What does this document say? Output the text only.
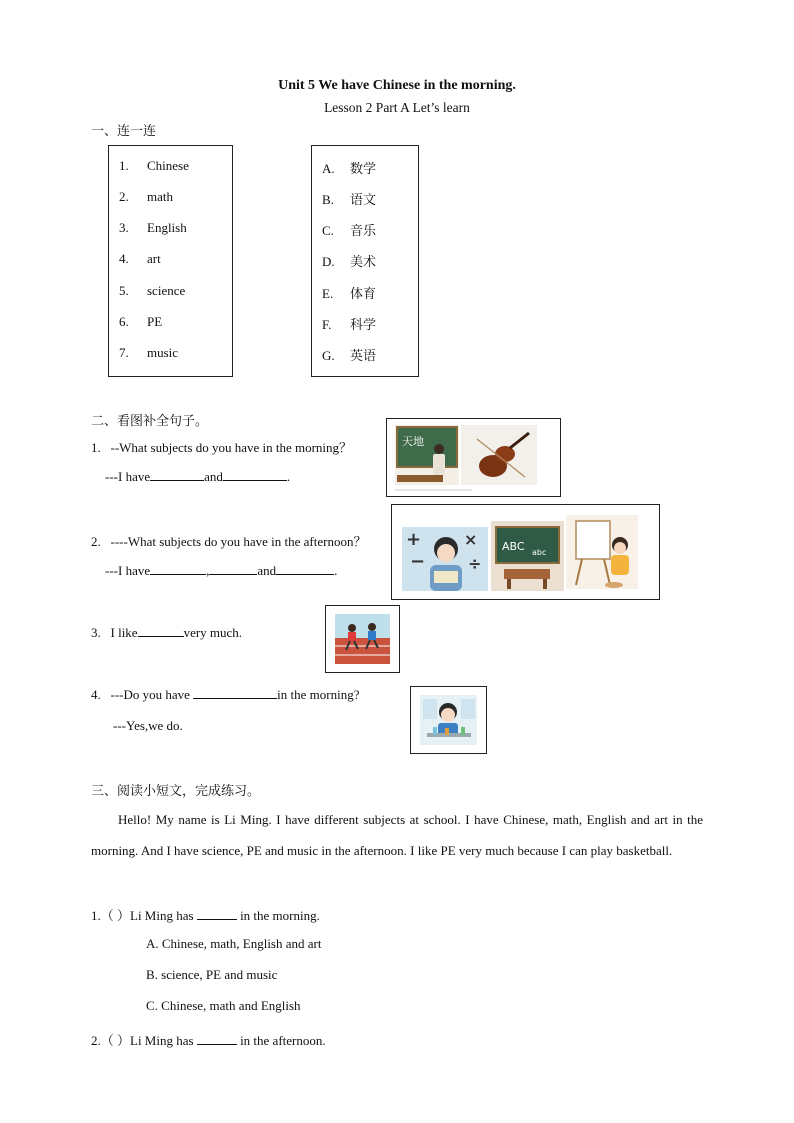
Unit 5 We have Chinese in the morning.
Lesson 2 Part A Let’s learn
一、连一连
1. Chinese
2. math
3. English
4. art
5. science
6. PE
7. music
A. 数学
B. 语文
C. 音乐
D. 美术
E. 体育
F. 科学
G. 英语
二、看图补全句子。
1. --What subjects do you have in the morning？
---I have	and	.
天地
2. ----What subjects do you have in the afternoon？
---I have	,	and	.
+
−
×
÷
ABC abc
3. I like	very much.
4. ---Do you have	in the morning?
---Yes,we do.
三、阅读小短文，完成练习。

Hello! My name is Li Ming. I have different subjects at school. I have Chinese, math, English and art in the morning. And I have science, PE and music in the afternoon. I like PE very much because I can play basketball.

1.（ ）Li Ming has	in the morning.
A. Chinese, math, English and art
B. science, PE and music
C. Chinese, math and English
2.（ ）Li Ming has	in the afternoon.
